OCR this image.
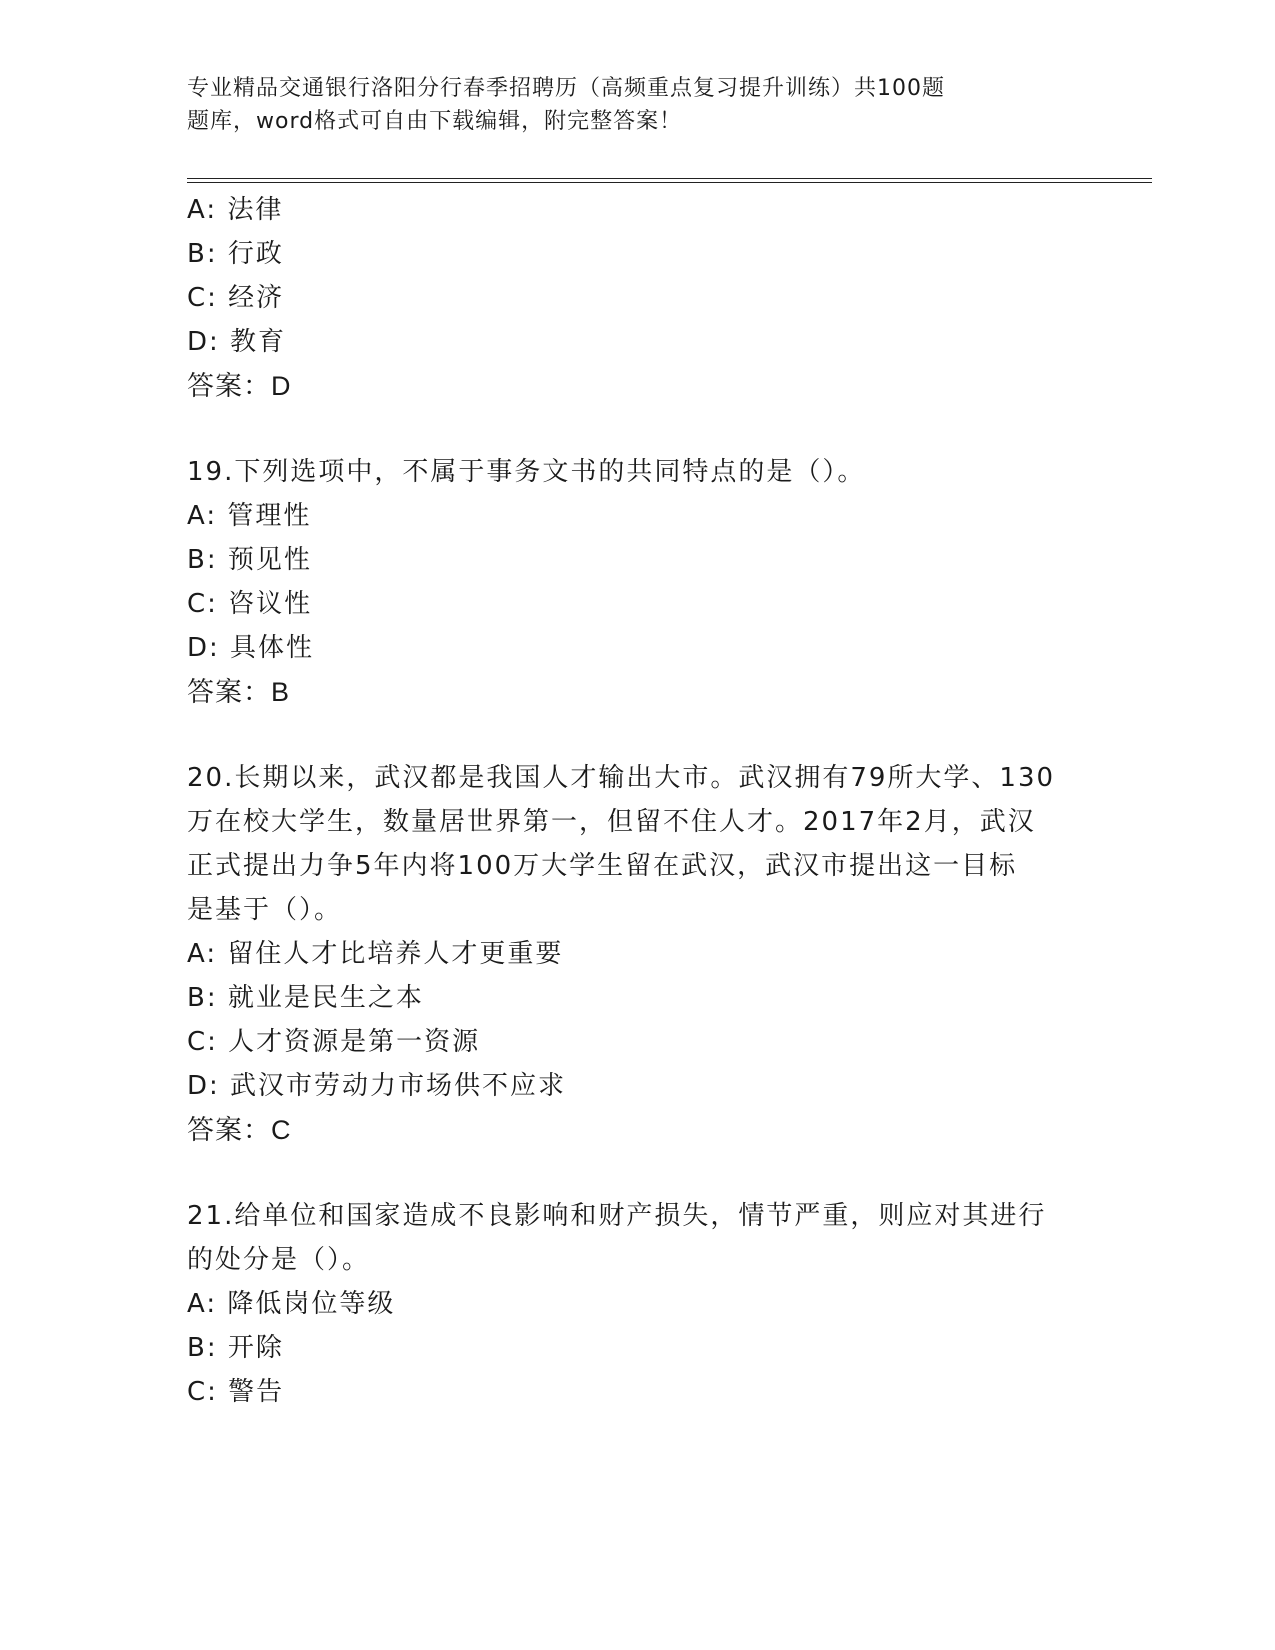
专业精品交通银行洛阳分行春季招聘历（高频重点复习提升训练）共100题
题库，word格式可自由下载编辑，附完整答案！
A: 法律
B: 行政
C: 经济
D: 教育
答案：D
19.下列选项中，不属于事务文书的共同特点的是（）。
A: 管理性
B: 预见性
C: 咨议性
D: 具体性
答案：B
20.长期以来，武汉都是我国人才输出大市。武汉拥有79所大学、130
万在校大学生，数量居世界第一，但留不住人才。2017年2月，武汉
正式提出力争5年内将100万大学生留在武汉，武汉市提出这一目标
是基于（）。
A: 留住人才比培养人才更重要
B: 就业是民生之本
C: 人才资源是第一资源
D: 武汉市劳动力市场供不应求
答案：C
21.给单位和国家造成不良影响和财产损失，情节严重，则应对其进行
的处分是（）。
A: 降低岗位等级
B: 开除
C: 警告
